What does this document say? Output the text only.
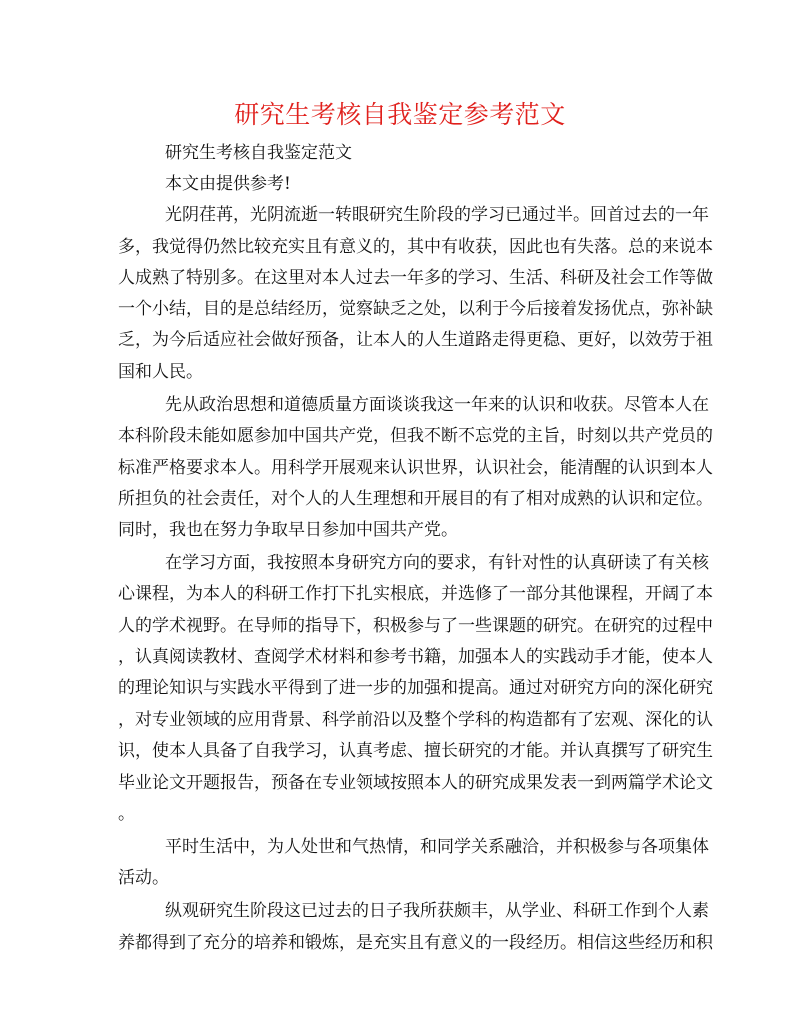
研究生考核自我鉴定参考范文

研究生考核自我鉴定范文

本文由提供参考!

光阴荏苒，光阴流逝一转眼研究生阶段的学习已通过半。回首过去的一年

多，我觉得仍然比较充实且有意义的，其中有收获，因此也有失落。总的来说本

人成熟了特别多。在这里对本人过去一年多的学习、生活、科研及社会工作等做

一个小结，目的是总结经历，觉察缺乏之处，以利于今后接着发扬优点，弥补缺

乏，为今后适应社会做好预备，让本人的人生道路走得更稳、更好，以效劳于祖

国和人民。

先从政治思想和道德质量方面谈谈我这一年来的认识和收获。尽管本人在

本科阶段未能如愿参加中国共产党，但我不断不忘党的主旨，时刻以共产党员的

标准严格要求本人。用科学开展观来认识世界，认识社会，能清醒的认识到本人

所担负的社会责任，对个人的人生理想和开展目的有了相对成熟的认识和定位。

同时，我也在努力争取早日参加中国共产党。

在学习方面，我按照本身研究方向的要求，有针对性的认真研读了有关核

心课程，为本人的科研工作打下扎实根底，并选修了一部分其他课程，开阔了本

人的学术视野。在导师的指导下，积极参与了一些课题的研究。在研究的过程中

，认真阅读教材、查阅学术材料和参考书籍，加强本人的实践动手才能，使本人

的理论知识与实践水平得到了进一步的加强和提高。通过对研究方向的深化研究

，对专业领域的应用背景、科学前沿以及整个学科的构造都有了宏观、深化的认

识，使本人具备了自我学习，认真考虑、擅长研究的才能。并认真撰写了研究生

毕业论文开题报告，预备在专业领域按照本人的研究成果发表一到两篇学术论文

。

平时生活中，为人处世和气热情，和同学关系融洽，并积极参与各项集体

活动。

纵观研究生阶段这已过去的日子我所获颇丰，从学业、科研工作到个人素

养都得到了充分的培养和锻炼，是充实且有意义的一段经历。相信这些经历和积
